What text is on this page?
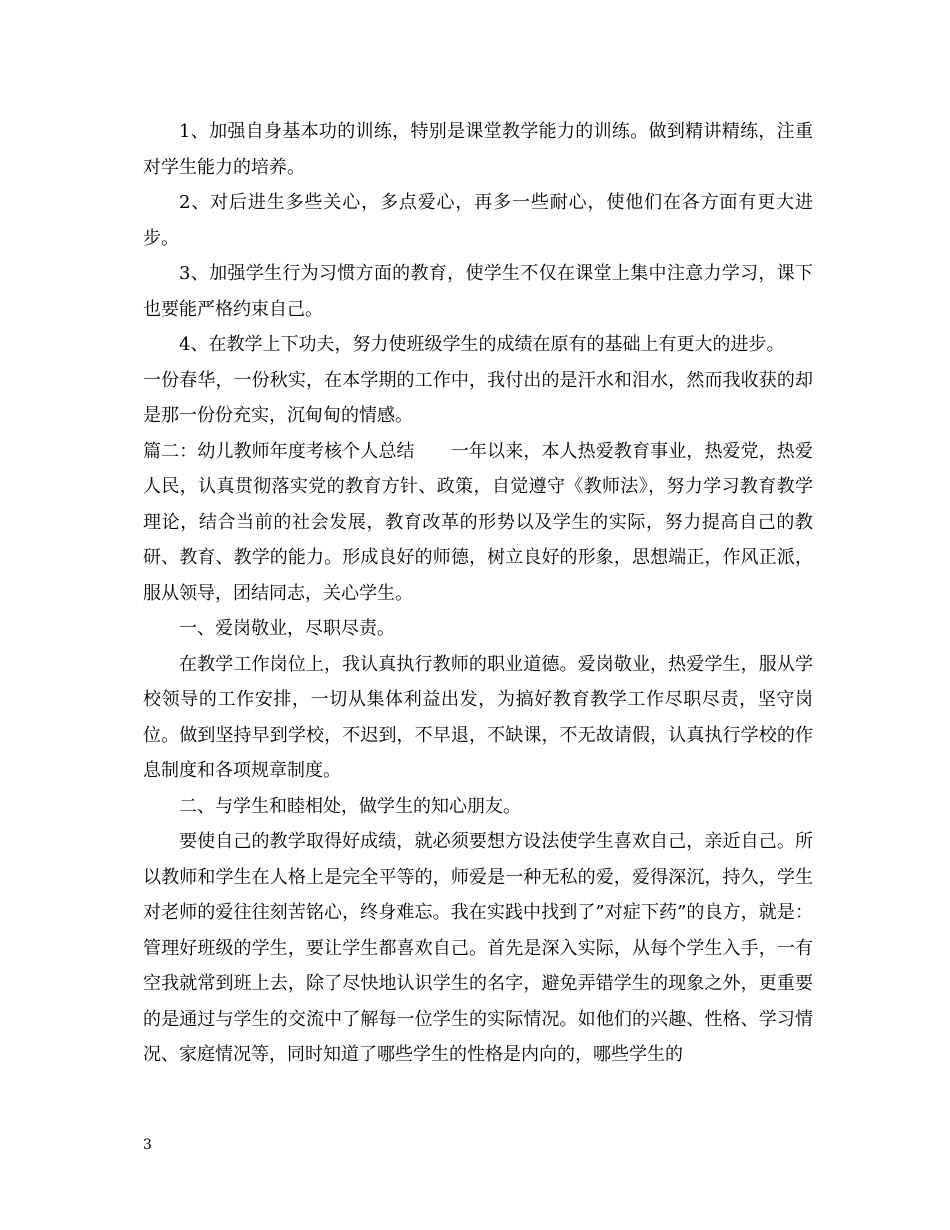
1、加强自身基本功的训练，特别是课堂教学能力的训练。做到精讲精练，注重对学生能力的培养。

2、对后进生多些关心，多点爱心，再多一些耐心，使他们在各方面有更大进步。

3、加强学生行为习惯方面的教育，使学生不仅在课堂上集中注意力学习，课下也要能严格约束自己。

4、在教学上下功夫，努力使班级学生的成绩在原有的基础上有更大的进步。

一份春华，一份秋实，在本学期的工作中，我付出的是汗水和泪水，然而我收获的却是那一份份充实，沉甸甸的情感。

篇二：幼儿教师年度考核个人总结　　一年以来，本人热爱教育事业，热爱党，热爱人民，认真贯彻落实党的教育方针、政策，自觉遵守《教师法》，努力学习教育教学理论，结合当前的社会发展，教育改革的形势以及学生的实际，努力提高自己的教研、教育、教学的能力。形成良好的师德，树立良好的形象，思想端正，作风正派，服从领导，团结同志，关心学生。

一、爱岗敬业，尽职尽责。

在教学工作岗位上，我认真执行教师的职业道德。爱岗敬业，热爱学生，服从学校领导的工作安排，一切从集体利益出发，为搞好教育教学工作尽职尽责，坚守岗位。做到坚持早到学校，不迟到，不早退，不缺课，不无故请假，认真执行学校的作息制度和各项规章制度。

二、与学生和睦相处，做学生的知心朋友。

要使自己的教学取得好成绩，就必须要想方设法使学生喜欢自己，亲近自己。所以教师和学生在人格上是完全平等的，师爱是一种无私的爱，爱得深沉，持久，学生对老师的爱往往刻苦铭心，终身难忘。我在实践中找到了”对症下药”的良方，就是：管理好班级的学生，要让学生都喜欢自己。首先是深入实际，从每个学生入手，一有空我就常到班上去，除了尽快地认识学生的名字，避免弄错学生的现象之外，更重要的是通过与学生的交流中了解每一位学生的实际情况。如他们的兴趣、性格、学习情况、家庭情况等，同时知道了哪些学生的性格是内向的，哪些学生的

3
